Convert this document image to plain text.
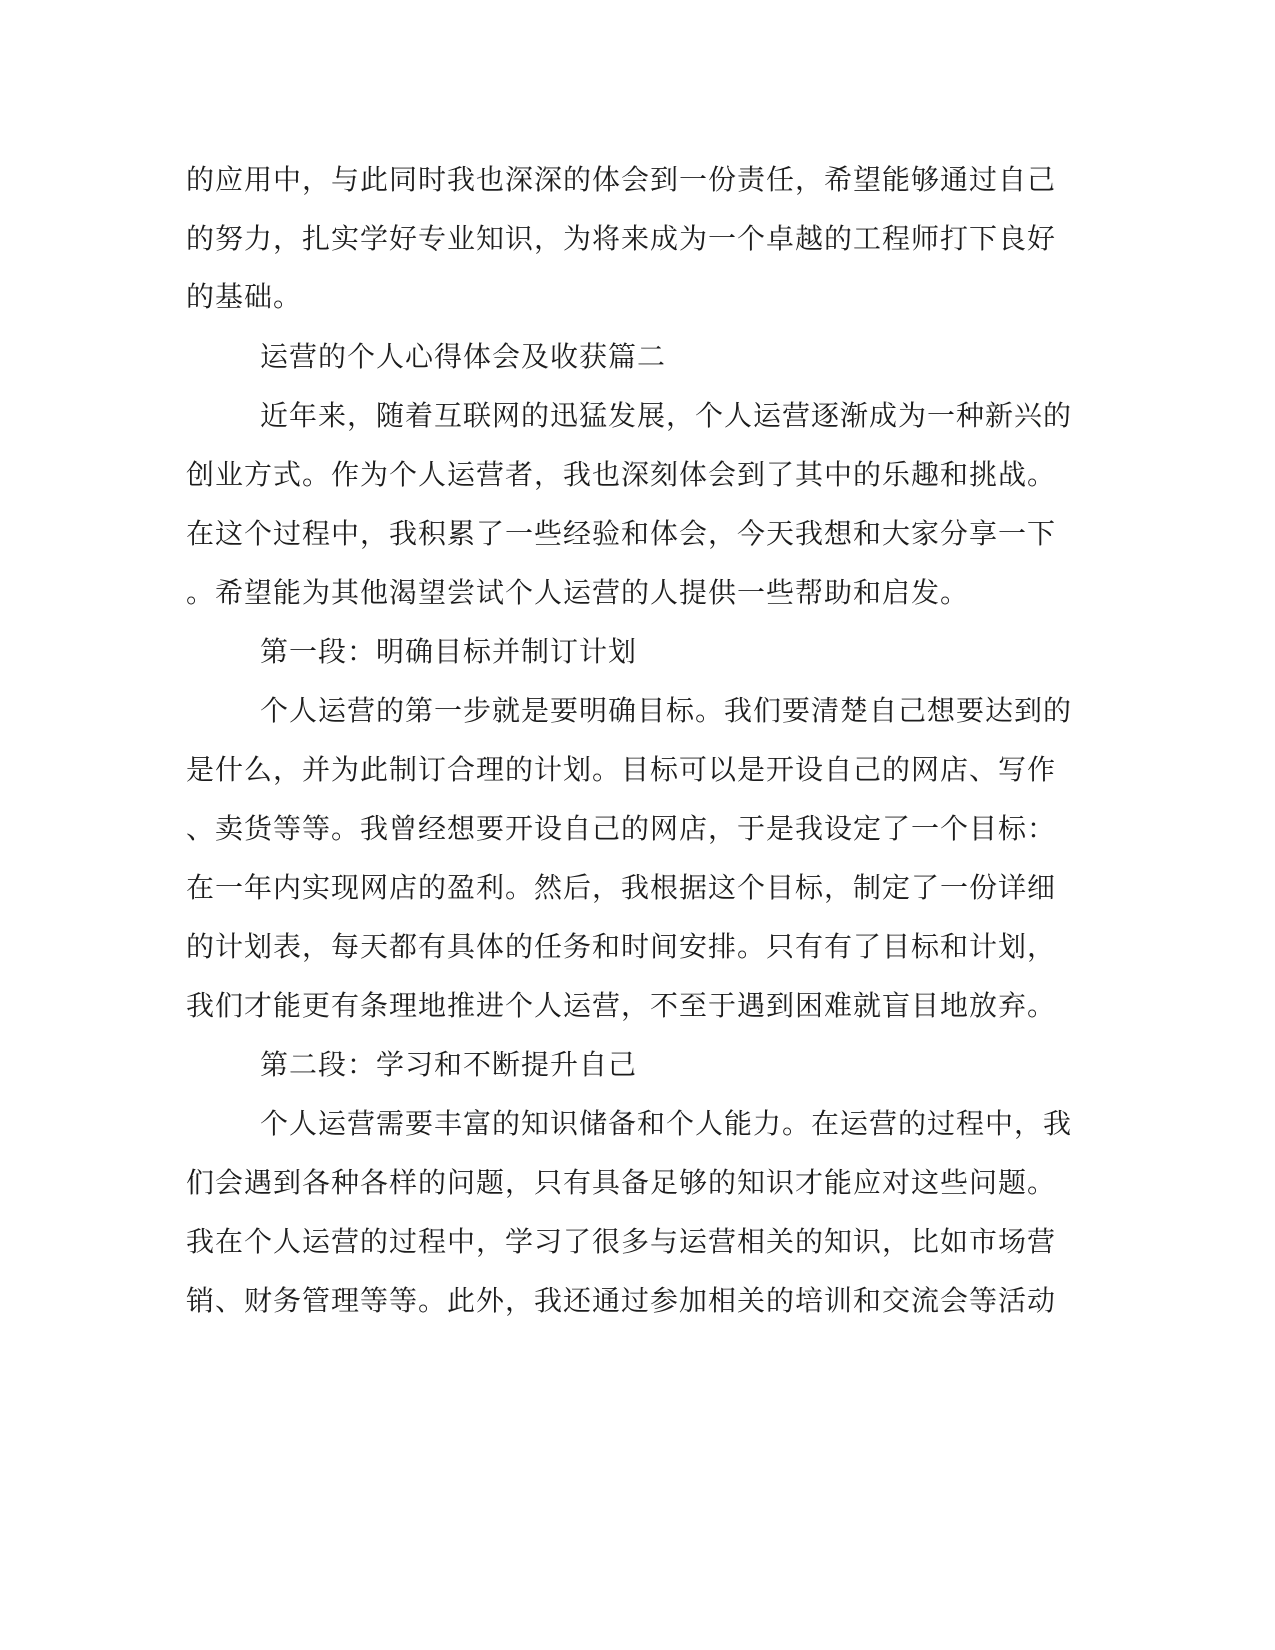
的应用中，与此同时我也深深的体会到一份责任，希望能够通过自己

的努力，扎实学好专业知识，为将来成为一个卓越的工程师打下良好

的基础。

运营的个人心得体会及收获篇二

近年来，随着互联网的迅猛发展，个人运营逐渐成为一种新兴的

创业方式。作为个人运营者，我也深刻体会到了其中的乐趣和挑战。

在这个过程中，我积累了一些经验和体会，今天我想和大家分享一下

。希望能为其他渴望尝试个人运营的人提供一些帮助和启发。

第一段：明确目标并制订计划

个人运营的第一步就是要明确目标。我们要清楚自己想要达到的

是什么，并为此制订合理的计划。目标可以是开设自己的网店、写作

、卖货等等。我曾经想要开设自己的网店，于是我设定了一个目标：

在一年内实现网店的盈利。然后，我根据这个目标，制定了一份详细

的计划表，每天都有具体的任务和时间安排。只有有了目标和计划，

我们才能更有条理地推进个人运营，不至于遇到困难就盲目地放弃。

第二段：学习和不断提升自己

个人运营需要丰富的知识储备和个人能力。在运营的过程中，我

们会遇到各种各样的问题，只有具备足够的知识才能应对这些问题。

我在个人运营的过程中，学习了很多与运营相关的知识，比如市场营

销、财务管理等等。此外，我还通过参加相关的培训和交流会等活动
